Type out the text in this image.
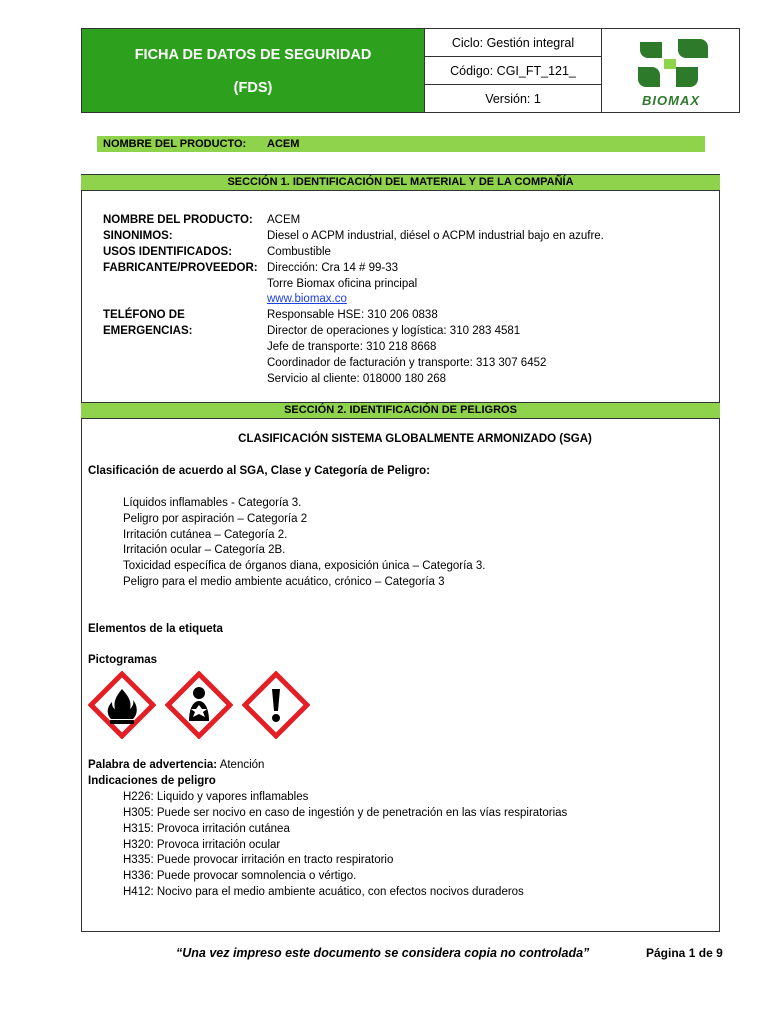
FICHA DE DATOS DE SEGURIDAD
(FDS)
Ciclo: Gestión integral
Código: CGI_FT_121_
Versión: 1	BIOMAX
NOMBRE DEL PRODUCTO: ACEM
SECCIÓN 1. IDENTIFICACIÓN DEL MATERIAL Y DE LA COMPAÑÍA
NOMBRE DEL PRODUCTO: ACEM
SINONIMOS:	Diesel o ACPM industrial, diésel o ACPM industrial bajo en azufre.
USOS IDENTIFICADOS:	Combustible
FABRICANTE/PROVEEDOR: Dirección: Cra 14 # 99-33
Torre Biomax oficina principal
www.biomax.co
TELÉFONO DE
EMERGENCIAS:
Responsable HSE: 310 206 0838
Director de operaciones y logística: 310 283 4581
Jefe de transporte: 310 218 8668
Coordinador de facturación y transporte: 313 307 6452
Servicio al cliente: 018000 180 268
SECCIÓN 2. IDENTIFICACIÓN DE PELIGROS
CLASIFICACIÓN SISTEMA GLOBALMENTE ARMONIZADO (SGA)
Clasificación de acuerdo al SGA, Clase y Categoría de Peligro:
Líquidos inflamables - Categoría 3.
Peligro por aspiración – Categoría 2
Irritación cutánea – Categoría 2.
Irritación ocular – Categoría 2B.
Toxicidad específica de órganos diana, exposición única – Categoría 3.
Peligro para el medio ambiente acuático, crónico – Categoría 3
Elementos de la etiqueta
Pictogramas
Palabra de advertencia: Atención
Indicaciones de peligro
H226: Liquido y vapores inflamables
H305: Puede ser nocivo en caso de ingestión y de penetración en las vías respiratorias
H315: Provoca irritación cutánea
H320: Provoca irritación ocular
H335: Puede provocar irritación en tracto respiratorio
H336: Puede provocar somnolencia o vértigo.
H412: Nocivo para el medio ambiente acuático, con efectos nocivos duraderos
“Una vez impreso este documento se considera copia no controlada”	Página 1 de 9
